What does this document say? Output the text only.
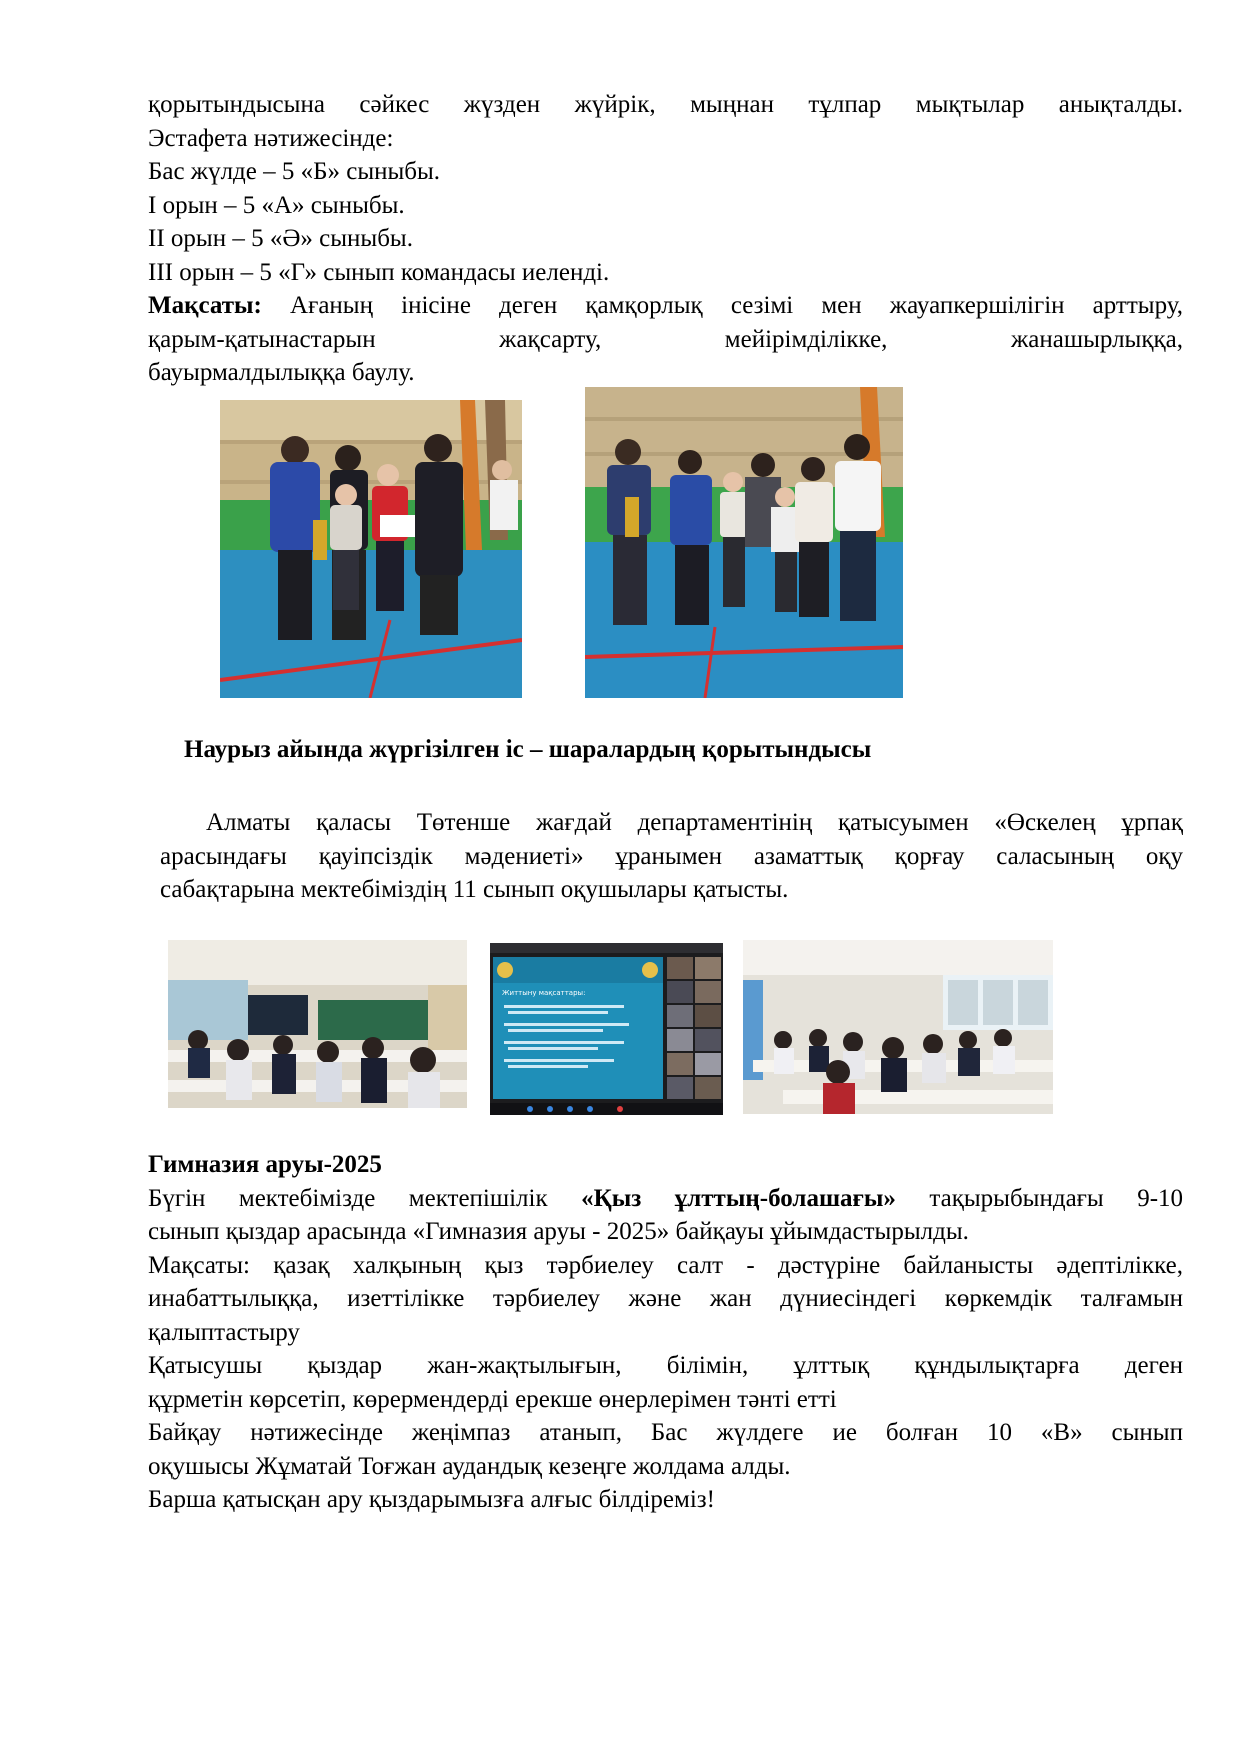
қорытындысына сәйкес жүзден жүйрік, мыңнан тұлпар мықтылар анықталды.
Эстафета нәтижесінде:
Бас жүлде – 5 «Б» сыныбы.
I орын – 5 «А» сыныбы.
II орын – 5 «Ә» сыныбы.
III орын – 5 «Г» сынып командасы иеленді.
Мақсаты: Ағаның інісіне деген қамқорлық сезімі мен жауапкершілігін арттыру,
қарым-қатынастарын жақсарту, мейірімділікке, жанашырлыққа,
бауырмалдылыққа баулу.
Наурыз айында жүргізілген іс – шаралардың қорытындысы
Алматы қаласы Төтенше жағдай департаментінің қатысуымен «Өскелең ұрпақ
арасындағы қауіпсіздік мәдениеті» ұранымен азаматтық қорғау саласының оқу
сабақтарына мектебіміздің 11 сынып оқушылары қатысты.
Життыну мақсаттары:
Гимназия аруы-2025
Бүгін мектебімізде мектепішілік «Қыз ұлттың-болашағы» тақырыбындағы 9-10
сынып қыздар арасында «Гимназия аруы - 2025» байқауы ұйымдастырылды.
Мақсаты: қазақ халқының қыз тәрбиелеу салт - дәстүріне байланысты әдептілікке,
инабаттылыққа, изеттілікке тәрбиелеу және жан дүниесіндегі көркемдік талғамын
қалыптастыру
Қатысушы қыздар жан-жақтылығын, білімін, ұлттық құндылықтарға деген
құрметін көрсетіп, көрермендерді ерекше өнерлерімен тәнті етті
Байқау нәтижесінде жеңімпаз атанып, Бас жүлдеге ие болған 10 «В» сынып
оқушысы Жұматай Тоғжан аудандық кезеңге жолдама алды.
Барша қатысқан ару қыздарымызға алғыс білдіреміз!
